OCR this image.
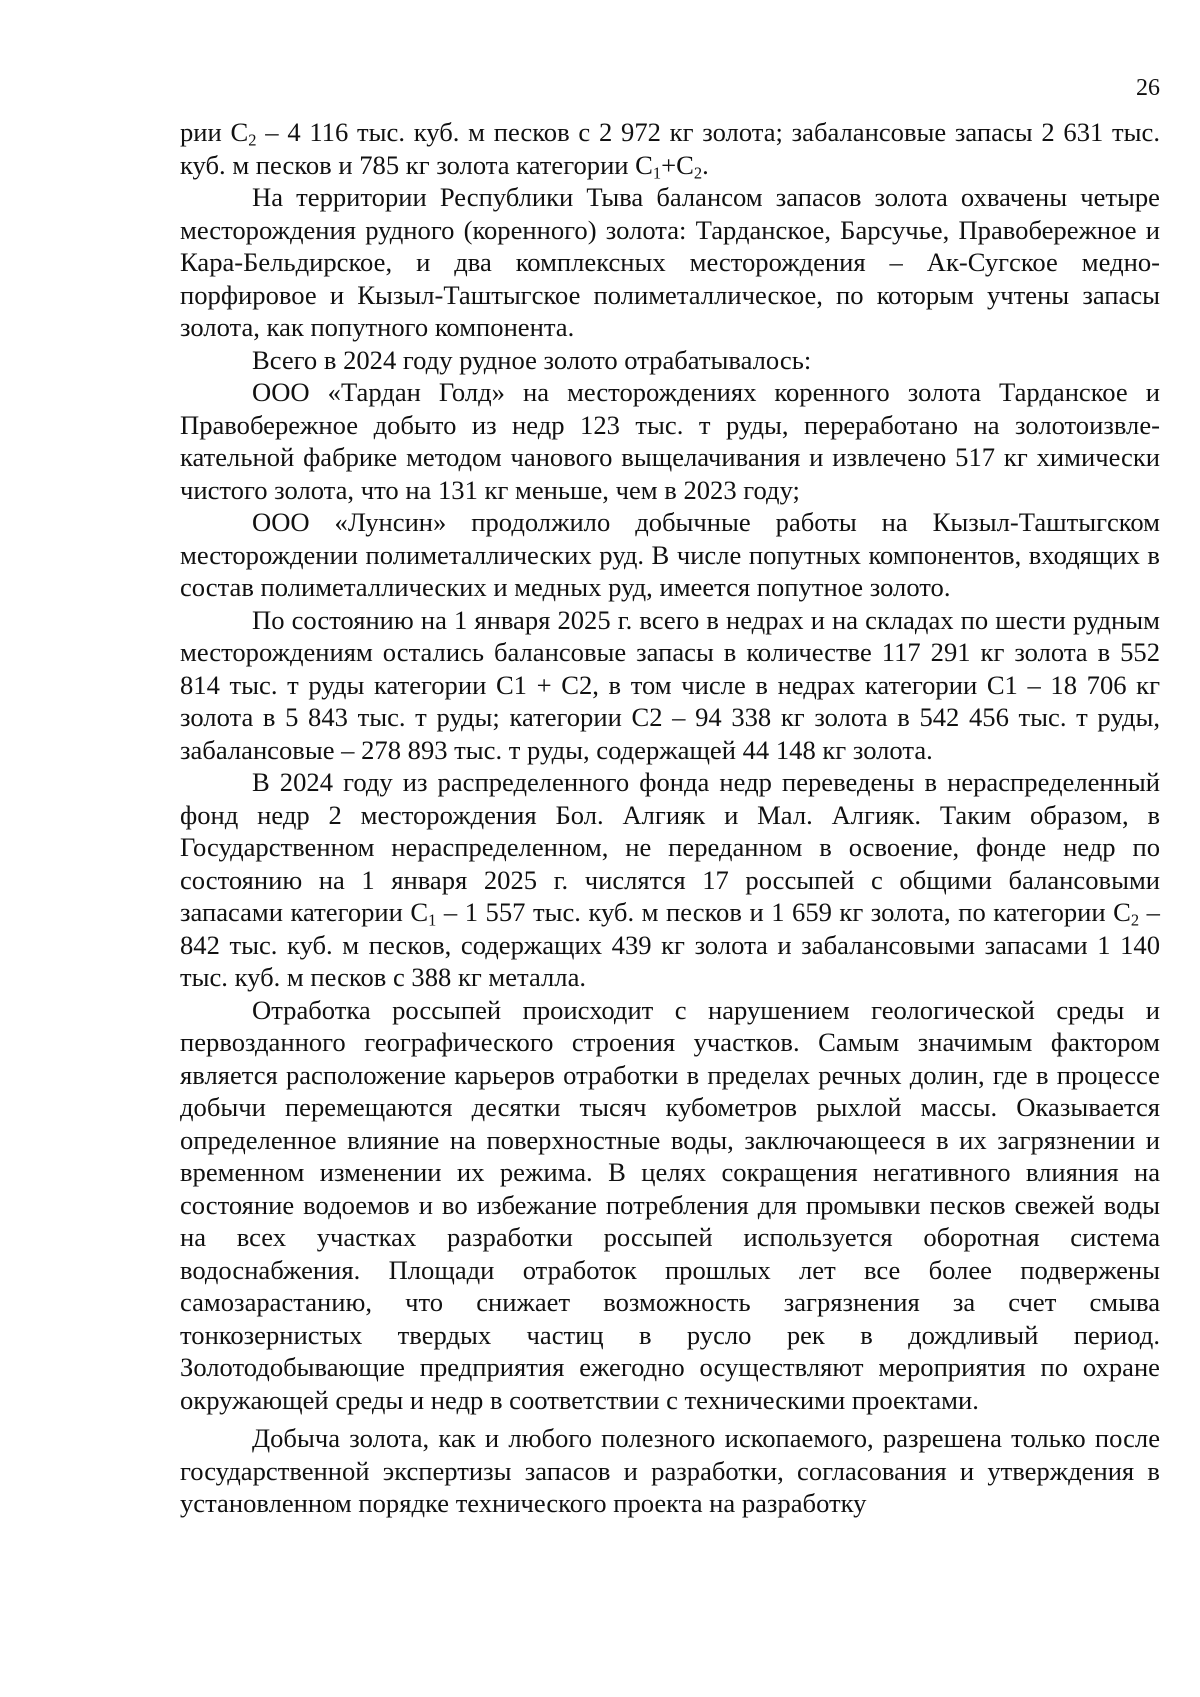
26

рии $С_2 - 4$ 116 тыс. куб. м песков с 2 972 кг золота; забалансовые запасы 2 631 тыс. куб. м песков и 785 кг золота категории $С_1+С_2$.

На территории Республики Тыва балансом запасов золота охвачены четыре месторождения рудного (коренного) золота: Тарданское, Барсучье, Правобережное и Кара-Бельдирское, и два комплексных месторождения – Ак-Сугское медно-порфировое и Кызыл-Таштыгское полиметаллическое, по которым учтены запасы золота, как попутного компонента.

Всего в 2024 году рудное золото отрабатывалось:

ООО «Тардан Голд» на месторождениях коренного золота Тарданское и Правобережное добыто из недр 123 тыс. т руды, переработано на золотоизвлекательной фабрике методом чанового выщелачивания и извлечено 517 кг химически чистого золота, что на 131 кг меньше, чем в 2023 году;

ООО «Лунсин» продолжило добычные работы на Кызыл-Таштыгском месторождении полиметаллических руд. В числе попутных компонентов, входящих в состав полиметаллических и медных руд, имеется попутное золото.

По состоянию на 1 января 2025 г. всего в недрах и на складах по шести рудным месторождениям остались балансовые запасы в количестве 117 291 кг золота в 552 814 тыс. т руды категории С1 + С2, в том числе в недрах категории С1 – 18 706 кг золота в 5 843 тыс. т руды; категории С2 – 94 338 кг золота в 542 456 тыс. т руды, забалансовые – 278 893 тыс. т руды, содержащей 44 148 кг золота.

В 2024 году из распределенного фонда недр переведены в нераспределенный фонд недр 2 месторождения Бол. Алгияк и Мал. Алгияк. Таким образом, в Государственном нераспределенном, не переданном в освоение, фонде недр по состоянию на 1 января 2025 г. числятся 17 россыпей с общими балансовыми запасами категории $С_1 - 1$ 557 тыс. куб. м песков и 1 659 кг золота, по категории $С_2 - 842$ тыс. куб. м песков, содержащих 439 кг золота и забалансовыми запасами 1 140 тыс. куб. м песков с 388 кг металла.

Отработка россыпей происходит с нарушением геологической среды и первозданного географического строения участков. Самым значимым фактором является расположение карьеров отработки в пределах речных долин, где в процессе добычи перемещаются десятки тысяч кубометров рыхлой массы. Оказывается определенное влияние на поверхностные воды, заключающееся в их загрязнении и временном изменении их режима. В целях сокращения негативного влияния на состояние водоемов и во избежание потребления для промывки песков свежей воды на всех участках разработки россыпей используется оборотная система водоснабжения. Площади отработок прошлых лет все более подвержены самозарастанию, что снижает возможность загрязнения за счет смыва тонкозернистых твердых частиц в русло рек в дождливый период. Золотодобывающие предприятия ежегодно осуществляют мероприятия по охране окружающей среды и недр в соответствии с техническими проектами.

Добыча золота, как и любого полезного ископаемого, разрешена только после государственной экспертизы запасов и разработки, согласования и утверждения в установленном порядке технического проекта на разработку
